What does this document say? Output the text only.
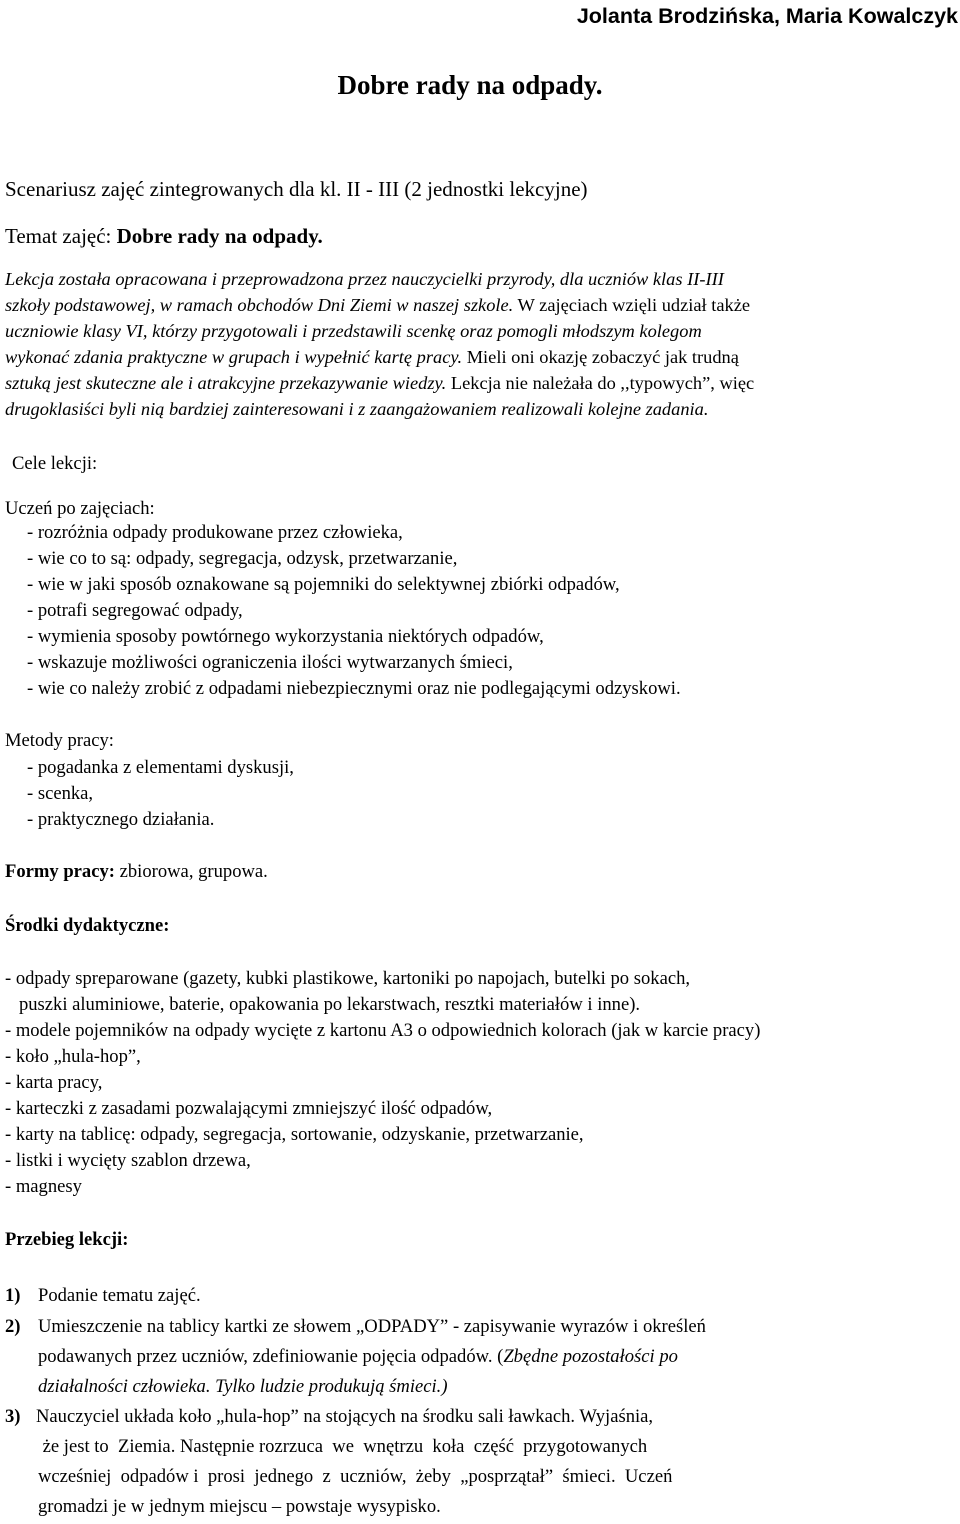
Jolanta Brodzińska, Maria Kowalczyk
Dobre rady na odpady.
Scenariusz zajęć zintegrowanych dla kl. II - III (2 jednostki lekcyjne)
Temat zajęć: Dobre rady na odpady.

Lekcja została opracowana i przeprowadzona przez nauczycielki przyrody, dla uczniów klas II-III

szkoły podstawowej, w ramach obchodów Dni Ziemi w naszej szkole. W zajęciach wzięli udział także

uczniowie klasy VI, którzy przygotowali i przedstawili scenkę oraz pomogli młodszym kolegom

wykonać zdania praktyczne w grupach i wypełnić kartę pracy. Mieli oni okazję zobaczyć jak trudną

sztuką jest skuteczne ale i atrakcyjne przekazywanie wiedzy. Lekcja nie należała do ,,typowych”, więc

drugoklasiści byli nią bardziej zainteresowani i z zaangażowaniem realizowali kolejne zadania.

Cele lekcji:
Uczeń po zajęciach:
- rozróżnia odpady produkowane przez człowieka,
- wie co to są: odpady, segregacja, odzysk, przetwarzanie,
- wie w jaki sposób oznakowane są pojemniki do selektywnej zbiórki odpadów,
- potrafi segregować odpady,
- wymienia sposoby powtórnego wykorzystania niektórych odpadów,
- wskazuje możliwości ograniczenia ilości wytwarzanych śmieci,
- wie co należy zrobić z odpadami niebezpiecznymi oraz nie podlegającymi odzyskowi.
Metody pracy:
- pogadanka z elementami dyskusji,
- scenka,
- praktycznego działania.
Formy pracy: zbiorowa, grupowa.
Środki dydaktyczne:
- odpady spreparowane (gazety, kubki plastikowe, kartoniki po napojach, butelki po sokach,
puszki aluminiowe, baterie, opakowania po lekarstwach, resztki materiałów i inne).
- modele pojemników na odpady wycięte z kartonu A3 o odpowiednich kolorach (jak w karcie pracy)
- koło „hula-hop”,
- karta pracy,
- karteczki z zasadami pozwalającymi zmniejszyć ilość odpadów,
- karty na tablicę: odpady, segregacja, sortowanie, odzyskanie, przetwarzanie,
- listki i wycięty szablon drzewa,
- magnesy
Przebieg lekcji:
1) Podanie tematu zajęć.
2) Umieszczenie na tablicy kartki ze słowem „ODPADY” - zapisywanie wyrazów i określeń
podawanych przez uczniów, zdefiniowanie pojęcia odpadów. (Zbędne pozostałości po
działalności człowieka. Tylko ludzie produkują śmieci.)
3) Nauczyciel układa koło „hula-hop” na stojących na środku sali ławkach. Wyjaśnia,
że jest to  Ziemia. Następnie rozrzuca  we  wnętrzu  koła  część  przygotowanych
wcześniej  odpadów i  prosi  jednego  z  uczniów,  żeby  „posprzątał”  śmieci.  Uczeń
gromadzi je w jednym miejscu – powstaje wysypisko.
